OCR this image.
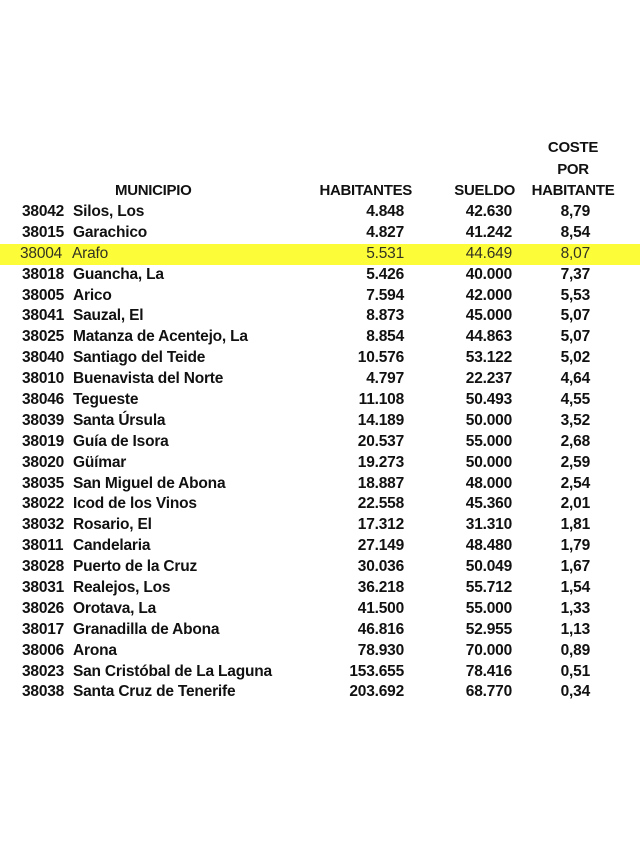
MUNICIPIO	HABITANTES	SUELDO
COSTE
POR
HABITANTE
38042 Silos, Los	4.848	42.630	8,79
38015 Garachico	4.827	41.242	8,54
38004 Arafo	5.531	44.649	8,07
38018 Guancha, La	5.426	40.000	7,37
38005 Arico	7.594	42.000	5,53
38041 Sauzal, El	8.873	45.000	5,07
38025 Matanza de Acentejo, La	8.854	44.863	5,07
38040 Santiago del Teide	10.576	53.122	5,02
38010 Buenavista del Norte	4.797	22.237	4,64
38046 Tegueste	11.108	50.493	4,55
38039 Santa Úrsula	14.189	50.000	3,52
38019 Guía de Isora	20.537	55.000	2,68
38020 Güímar	19.273	50.000	2,59
38035 San Miguel de Abona	18.887	48.000	2,54
38022 Icod de los Vinos	22.558	45.360	2,01
38032 Rosario, El	17.312	31.310	1,81
38011 Candelaria	27.149	48.480	1,79
38028 Puerto de la Cruz	30.036	50.049	1,67
38031 Realejos, Los	36.218	55.712	1,54
38026 Orotava, La	41.500	55.000	1,33
38017 Granadilla de Abona	46.816	52.955	1,13
38006 Arona	78.930	70.000	0,89
38023 San Cristóbal de La Laguna	153.655	78.416	0,51
38038 Santa Cruz de Tenerife	203.692	68.770	0,34
